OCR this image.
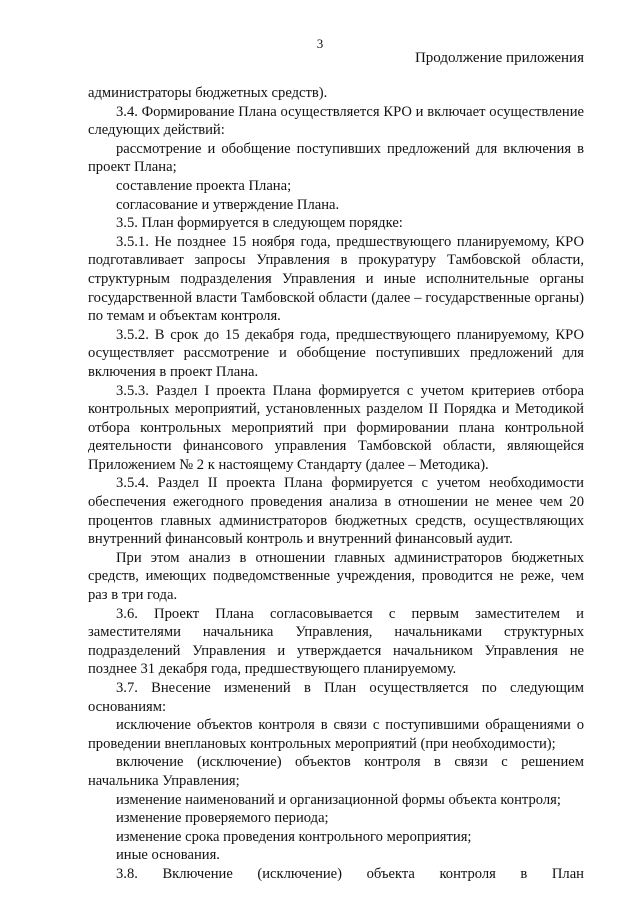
3
Продолжение приложения

администраторы бюджетных средств).

3.4. Формирование Плана осуществляется КРО и включает осуществление следующих действий:

рассмотрение и обобщение поступивших предложений для включения в проект Плана;

составление проекта Плана;

согласование и утверждение Плана.

3.5. План формируется в следующем порядке:

3.5.1. Не позднее 15 ноября года, предшествующего планируемому, КРО подготавливает запросы Управления в прокуратуру Тамбовской области, структурным подразделения Управления и иные исполнительные органы государственной власти Тамбовской области (далее – государственные органы) по темам и объектам контроля.

3.5.2. В срок до 15 декабря года, предшествующего планируемому, КРО осуществляет рассмотрение и обобщение поступивших предложений для включения в проект Плана.

3.5.3. Раздел I проекта Плана формируется с учетом критериев отбора контрольных мероприятий, установленных разделом II Порядка и Методикой отбора контрольных мероприятий при формировании плана контрольной деятельности финансового управления Тамбовской области, являющейся Приложением № 2 к настоящему Стандарту (далее – Методика).

3.5.4. Раздел II проекта Плана формируется с учетом необходимости обеспечения ежегодного проведения анализа в отношении не менее чем 20 процентов главных администраторов бюджетных средств, осуществляющих внутренний финансовый контроль и внутренний финансовый аудит.

При этом анализ в отношении главных администраторов бюджетных средств, имеющих подведомственные учреждения, проводится не реже, чем раз в три года.

3.6. Проект Плана согласовывается с первым заместителем и заместителями начальника Управления, начальниками структурных подразделений Управления и утверждается начальником Управления не позднее 31 декабря года, предшествующего планируемому.

3.7. Внесение изменений в План осуществляется по следующим основаниям:

исключение объектов контроля в связи с поступившими обращениями о проведении внеплановых контрольных мероприятий (при необходимости);

включение (исключение) объектов контроля в связи с решением начальника Управления;

изменение наименований и организационной формы объекта контроля;

изменение проверяемого периода;

изменение срока проведения контрольного мероприятия;

иные основания.

3.8. Включение (исключение) объекта контроля в План
